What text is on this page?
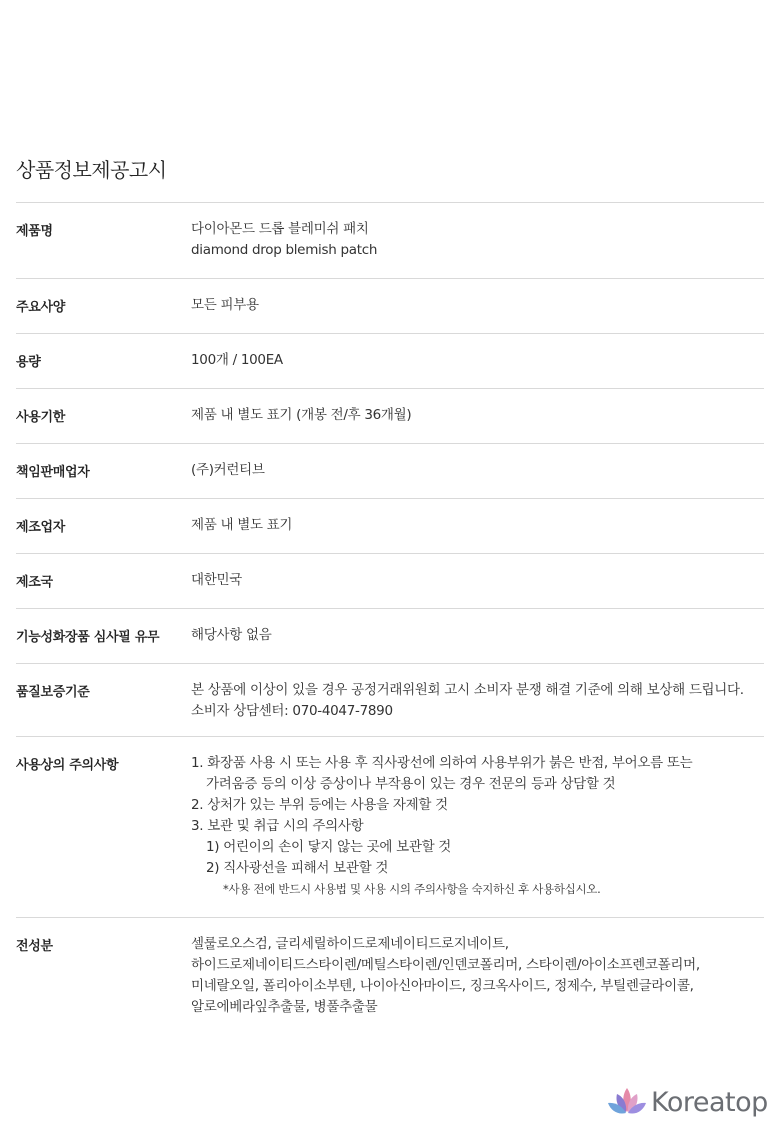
상품정보제공고시
제품명	다이아몬드 드롭 블레미쉬 패치
diamond drop blemish patch
주요사양	모든 피부용
용량	100개 / 100EA
사용기한	제품 내 별도 표기 (개봉 전/후 36개월)
책임판매업자	(주)커런티브
제조업자	제품 내 별도 표기
제조국	대한민국
기능성화장품 심사필 유무	해당사항 없음
품질보증기준	본 상품에 이상이 있을 경우 공정거래위원회 고시 소비자 분쟁 해결 기준에 의해 보상해 드립니다.
소비자 상담센터: 070-4047-7890
사용상의 주의사항	1. 화장품 사용 시 또는 사용 후 직사광선에 의하여 사용부위가 붉은 반점, 부어오름 또는
가려움증 등의 이상 증상이나 부작용이 있는 경우 전문의 등과 상담할 것
2. 상처가 있는 부위 등에는 사용을 자제할 것
3. 보관 및 취급 시의 주의사항
1) 어린이의 손이 닿지 않는 곳에 보관할 것
2) 직사광선을 피해서 보관할 것
*사용 전에 반드시 사용법 및 사용 시의 주의사항을 숙지하신 후 사용하십시오.
전성분	셀룰로오스검, 글리세릴하이드로제네이티드로지네이트,
하이드로제네이티드스타이렌/메틸스타이렌/인덴코폴리머, 스타이렌/아이소프렌코폴리머,
미네랄오일, 폴리아이소부텐, 나이아신아마이드, 징크옥사이드, 정제수, 부틸렌글라이콜,
알로에베라잎추출물, 병풀추출물
Koreatop
